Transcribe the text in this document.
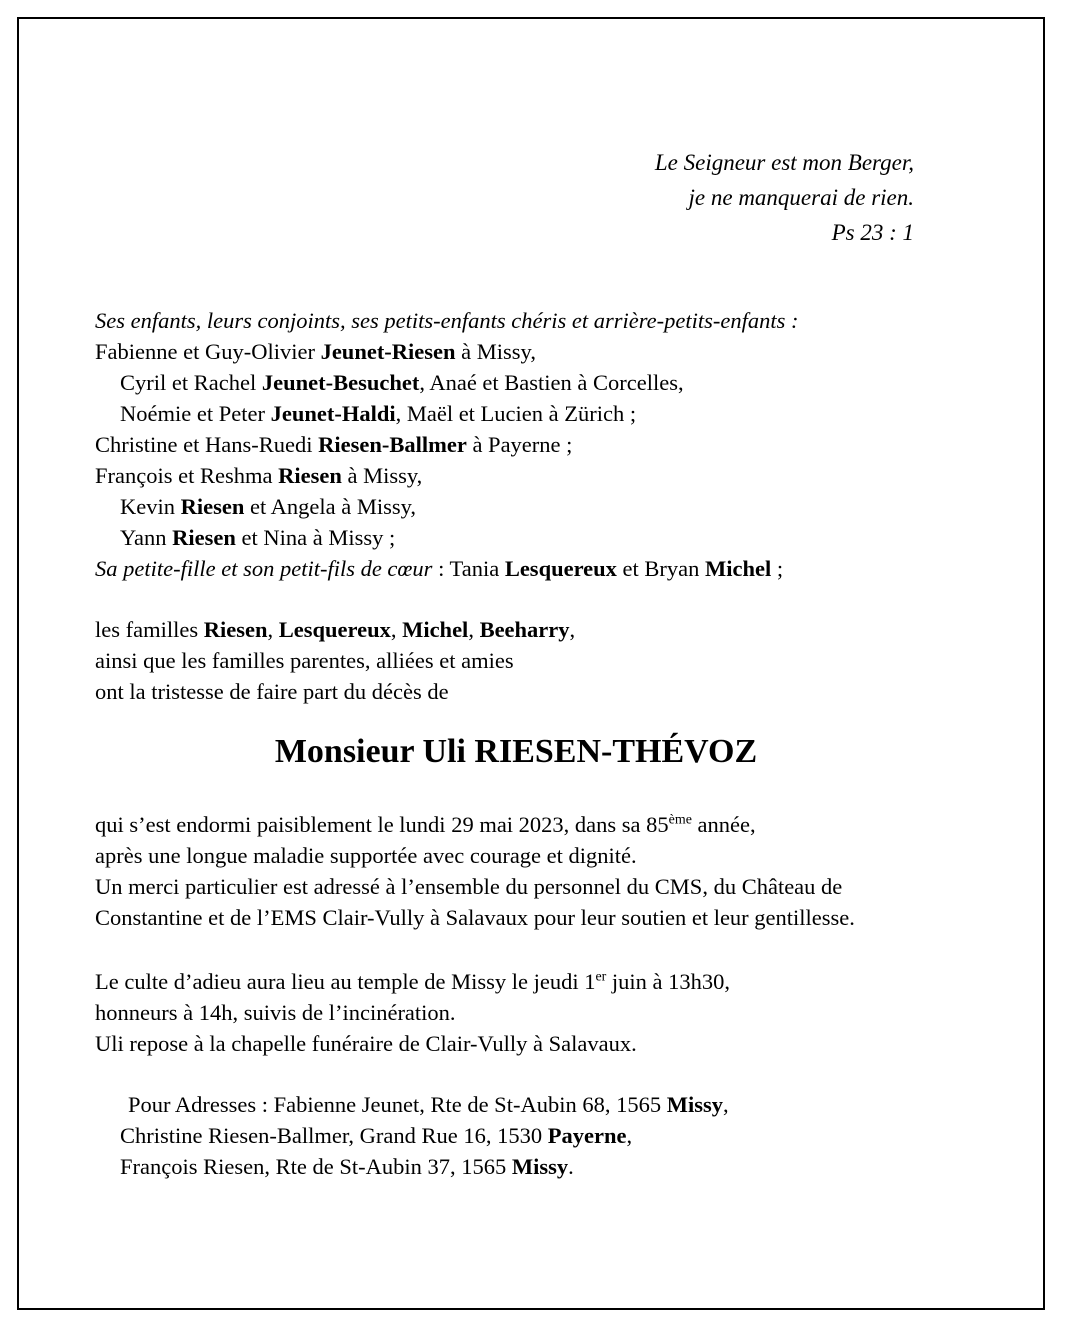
Le Seigneur est mon Berger,
je ne manquerai de rien.
Ps 23 : 1
Ses enfants, leurs conjoints, ses petits-enfants chéris et arrière-petits-enfants :
Fabienne et Guy-Olivier Jeunet-Riesen à Missy,
Cyril et Rachel Jeunet-Besuchet, Anaé et Bastien à Corcelles,
Noémie et Peter Jeunet-Haldi, Maël et Lucien à Zürich ;
Christine et Hans-Ruedi Riesen-Ballmer à Payerne ;
François et Reshma Riesen à Missy,
Kevin Riesen et Angela à Missy,
Yann Riesen et Nina à Missy ;
Sa petite-fille et son petit-fils de cœur : Tania Lesquereux et Bryan Michel ;
les familles Riesen, Lesquereux, Michel, Beeharry,
ainsi que les familles parentes, alliées et amies
ont la tristesse de faire part du décès de
Monsieur Uli RIESEN-THÉVOZ
qui s’est endormi paisiblement le lundi 29 mai 2023, dans sa 85ème année,
après une longue maladie supportée avec courage et dignité.
Un merci particulier est adressé à l’ensemble du personnel du CMS, du Château de
Constantine et de l’EMS Clair-Vully à Salavaux pour leur soutien et leur gentillesse.
Le culte d’adieu aura lieu au temple de Missy le jeudi 1er juin à 13h30,
honneurs à 14h, suivis de l’incinération.
Uli repose à la chapelle funéraire de Clair-Vully à Salavaux.
Pour Adresses : Fabienne Jeunet, Rte de St-Aubin 68, 1565 Missy,
Christine Riesen-Ballmer, Grand Rue 16, 1530 Payerne,
François Riesen, Rte de St-Aubin 37, 1565 Missy.
